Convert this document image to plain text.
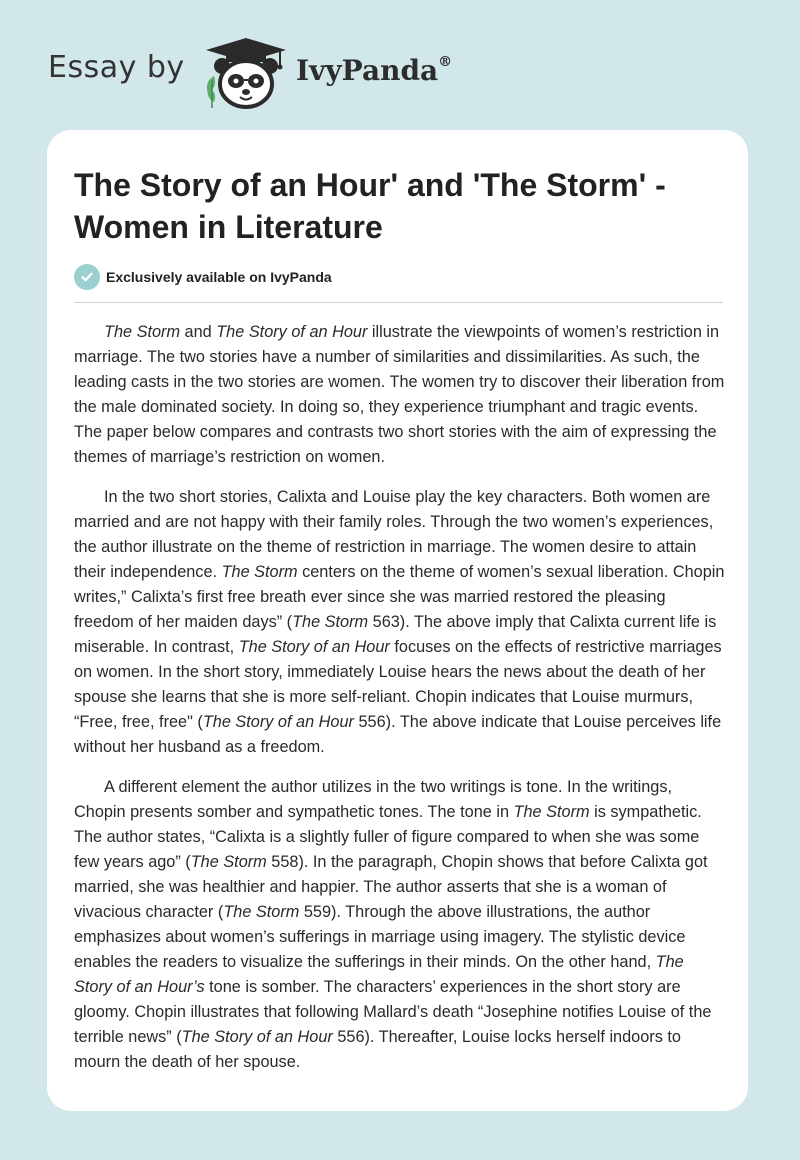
Essay by	IvyPanda®
The Story of an Hour' and 'The Storm' - Women in Literature
Exclusively available on IvyPanda

The Storm and The Story of an Hour illustrate the viewpoints of women’s restriction in marriage. The two stories have a number of similarities and dissimilarities. As such, the leading casts in the two stories are women. The women try to discover their liberation from the male dominated society. In doing so, they experience triumphant and tragic events. The paper below compares and contrasts two short stories with the aim of expressing the themes of marriage’s restriction on women.

In the two short stories, Calixta and Louise play the key characters. Both women are married and are not happy with their family roles. Through the two women’s experiences, the author illustrate on the theme of restriction in marriage. The women desire to attain their independence. The Storm centers on the theme of women’s sexual liberation. Chopin writes,” Calixta’s first free breath ever since she was married restored the pleasing freedom of her maiden days” (The Storm 563). The above imply that Calixta current life is miserable. In contrast, The Story of an Hour focuses on the effects of restrictive marriages on women. In the short story, immediately Louise hears the news about the death of her spouse she learns that she is more self-reliant. Chopin indicates that Louise murmurs, “Free, free, free" (The Story of an Hour 556). The above indicate that Louise perceives life without her husband as a freedom.

A different element the author utilizes in the two writings is tone. In the writings, Chopin presents somber and sympathetic tones. The tone in The Storm is sympathetic. The author states, “Calixta is a slightly fuller of figure compared to when she was some few years ago” (The Storm 558). In the paragraph, Chopin shows that before Calixta got married, she was healthier and happier. The author asserts that she is a woman of vivacious character (The Storm 559). Through the above illustrations, the author emphasizes about women’s sufferings in marriage using imagery. The stylistic device enables the readers to visualize the sufferings in their minds. On the other hand, The Story of an Hour’s tone is somber. The characters’ experiences in the short story are gloomy. Chopin illustrates that following Mallard’s death “Josephine notifies Louise of the terrible news” (The Story of an Hour 556). Thereafter, Louise locks herself indoors to mourn the death of her spouse.
